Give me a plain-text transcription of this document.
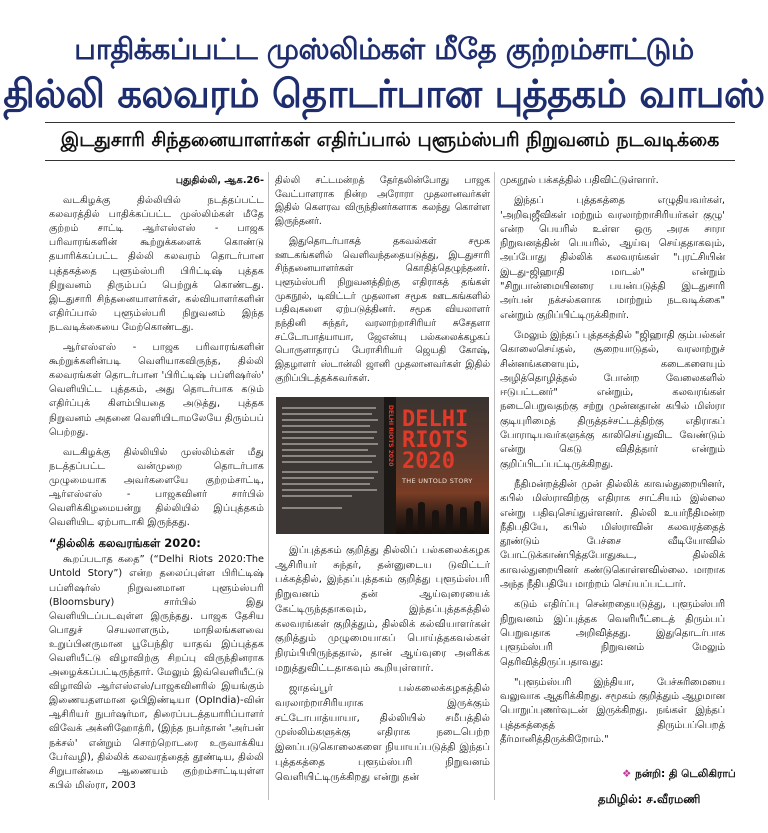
பாதிக்கப்பட்ட முஸ்லிம்கள் மீதே குற்றம்சாட்டும்
தில்லி கலவரம் தொடர்பான புத்தகம் வாபஸ்
இடதுசாரி சிந்தனையாளர்கள் எதிர்ப்பால் புளூம்ஸ்பரி நிறுவனம் நடவடிக்கை

புதுதில்லி, ஆக.26-

வடகிழக்கு தில்லியில் நடத்தப்பட்ட கலவரத்தில் பாதிக்கப்பட்ட முஸ்லிம்கள் மீதே குற்றம் சாட்டி ஆர்எஸ்எஸ் - பாஜக பரிவாரங்களின் கூற்றுக்களைக் கொண்டு தயாரிக்கப்பட்ட தில்லி கலவரம் தொடர்பான புத்தகத்தை புளூம்ஸ்பரி பிரிட்டிஷ் புத்தக நிறுவனம் திரும்பப் பெற்றுக் கொண்டது. இடதுசாரி சிந்தனையாளர்கள், கல்வியாளர்களின் எதிர்ப்பால் புளூம்ஸ்பரி நிறுவனம் இந்த நடவடிக்கையை மேற்கொண்டது.

ஆர்எஸ்எஸ் - பாஜக பரிவாரங்களின் கூற்றுக்களின்படி வெளியாகவிருந்த, தில்லி கலவரங்கள் தொடர்பான 'பிரிட்டிஷ் பப்ளிஷர்ஸ்' வெளியிட்ட புத்தகம், அது தொடர்பாக கடும் எதிர்ப்புக் கிளம்பியதை அடுத்து, புத்தக நிறுவனம் அதனை வெளியிடாமலேயே திரும்பப் பெற்றது.

வடகிழக்கு தில்லியில் முஸ்லிம்கள் மீது நடத்தப்பட்ட வன்முறை தொடர்பாக முழுமையாக அவர்களையே குற்றம்சாட்டி, ஆர்எஸ்எஸ் - பாஜகவினர் சார்பில் வெளிக்கிழமையன்று தில்லியில் இப்புத்தகம் வெளியிட ஏற்பாடாகி இருந்தது.

“தில்லிக் கலவரங்கள் 2020:

கூறப்படாத கதை” (“Delhi Riots 2020:The Untold Story”) என்ற தலைப்புள்ள பிரிட்டிஷ் பப்ளிஷர்ஸ் நிறுவனமான புளூம்ஸ்பரி (Bloomsbury) சார்பில் இது வெளியிடப்படவுள்ள இருந்தது. பாஜக தேசிய பொதுச் செயலாளரும், மாநிலங்களவை உறுப்பினருமான பூபேந்திர யாதவ் இப்புத்தக வெளியீட்டு விழாவிற்கு சிறப்பு விருந்தினராக அழைக்கப்பட்டிருந்தார். மேலும் இவ்வெளியீட்டு விழாவில் ஆர்எஸ்எஸ்/பாஜகவினரில் இயங்கும் இணையதளமான ஓபிஇண்டியா (OpIndia)-வின் ஆசிரியர் நுபர்ஷர்மா, திரைப்படத்தயாரிப்பாளர் விவேக் அக்னிஹோத்ரி, (இந்த நபர்தான் 'அர்பன் நக்சல்' என்றும் சொற்றொடரை உருவாக்கிய பேர்வழி), தில்லிக் கலவரத்தைத் தூண்டிய, தில்லி சிறுபான்மை ஆணையம் குற்றம்சாட்டியுள்ள கபில் மிஸ்ரா, 2003

தில்லி சட்டமன்றத் தேர்தலின்போது பாஜக வேட்பாளராக நின்ற அரோரா முதலானவர்கள் இதில் கௌரவ விருந்தினர்களாக கலந்து கொள்ள இருந்தனர்.

இதுதொடர்பாகத் தகவல்கள் சமூக ஊடகங்களில் வெளிவந்ததையடுத்து, இடதுசாரி சிந்தனையாளர்கள் கொதித்தெழுந்தனர். புளூம்ஸ்பரி நிறுவனத்திற்கு எதிராகத் தங்கள் முகநூல், டிவிட்டர் முதலான சமூக ஊடகங்களில் பதிவுகளை ஏற்படுத்தினர். சமூக வியலாளர் நந்தினி சுந்தர், வரலாற்றாசிரியர் சுசேதளா சட்டோபாத்யாயா, ஜேஎன்யு பல்கலைக்கழகப் பொருளாதாரப் பேராசிரியர் ஜெயதி கோஷ், இதழாளர் ஸ்டான்லி ஜானி முதலானவர்கள் இதில் குறிப்பிடத்தக்கவர்கள்.

DELHI RIOTS 2020 DELHI RIOTS 2020
THE UNTOLD STORY

இப்புத்தகம் குறித்து தில்லிப் பல்கலைக்கழக ஆசிரியர் சுந்தர், தன்னுடைய டுவிட்டர் பக்கத்தில், இந்தப்புத்தகம் குறித்து புளூம்ஸ்பரி நிறுவனம் தன் ஆய்வுரையைக் கேட்டிருந்ததாகவும், இந்தப்புத்தகத்தில் கலவரங்கள் குறித்தும், தில்லிக் கல்வியாளர்கள் குறித்தும் முழுமையாகப் பொய்த்தகவல்கள் நிரம்பியிருந்ததால், தான் ஆய்வுரை அளிக்க மறுத்துவிட்டதாகவும் கூறியுள்ளார்.

ஜாதவ்பூர் பல்கலைக்கழகத்தில் வரலாற்றாசிரியராக இருக்கும் சட்டோபாத்யாயா, தில்லியில் சமீபத்தில் முஸ்லிம்களுக்கு எதிராக நடைபெற்ற இனப்படுகொலைகளை நியாயப்படுத்தி இந்தப் புத்தகத்தை புளூம்ஸ்பரி நிறுவனம் வெளியிட்டிருக்கிறது என்று தன்

முகநூல் பக்கத்தில் பதிவிட்டுள்ளார்.

இந்தப் புத்தகத்தை எழுதியவர்கள், 'அறிவுஜீவிகள் மற்றும் வரலாற்றாசிரியர்கள் குழு' என்ற பெயரில் உள்ள ஒரு அரசு சாரா நிறுவனத்தின் பெயரில், ஆய்வு செய்ததாகவும், அப்போது தில்லிக் கலவரங்கள் "புரட்சியின் இடது-ஜிஹாதி மாடல்" என்றும் "சிறுபான்மையினரை பயன்படுத்தி இடதுசாரி அர்பன் நக்சல்களாக மாற்றும் நடவடிக்கை" என்றும் குறிப்பிட்டிருக்கிறார்.

மேலும் இந்தப் புத்தகத்தில் "ஜிஹாதி கும்பல்கள் கொலைசெய்தல், சூறையாடுதல், வரலாற்றுச் சின்னங்களையும், கடைகளையும் அழித்தொழித்தல் போன்ற வேலைகளில் ஈடுபட்டனர்" என்றும், கலவரங்கள் நடைபெறுவதற்கு சற்று முன்னதான் கபில் மிஸ்ரா குடியுரிமைத் திருத்தச்சட்டத்திற்கு எதிராகப் போராடியவர்களுக்கு காலிசெய்துவிட வேண்டும் என்று கெடு விதித்தார் என்றும் குறிப்பிடப்பட்டிருக்கிறது.

நீதிமன்றத்தின் முன் தில்லிக் காவல்துறையினர், கபில் மிஸ்ராவிற்கு எதிராக சாட்சியம் இல்லை என்று பதிவுசெய்துள்ளனர். தில்லி உயர்நீதிமன்ற நீதிபதியே, கபில் மிஸ்ராவின் கலவரத்தைத் தூண்டும் பேச்சை வீடியோவில் போட்டுக்காண்பித்தபோதுகூட, தில்லிக் காவல்துறையினர் கண்டுகொள்ளவில்லை. மாறாக அந்த நீதிபதியே மாற்றம் செய்யப்பட்டார்.

கடும் எதிர்ப்பு சென்றதையடுத்து, புளூம்ஸ்பரி நிறுவனம் இப்புத்தக வெளியீட்டைத் திரும்பப் பெறுவதாக அறிவித்தது. இதுதொடர்பாக புளூம்ஸ்பரி நிறுவனம் மேலும் தெரிவித்திருப்பதாவது:

"புளூம்ஸ்பரி இந்தியா, பேச்சுரிமையை வலுவாக ஆதரிக்கிறது. சமூகம் குறித்தும் ஆழமான பொறுப்புணர்வுடன் இருக்கிறது. நங்கள் இந்தப் புத்தகத்தைத் திரும்பப்பெறத் தீர்மானித்திருக்கிறோம்."

❖ நன்றி: தி டெலிகிராப்
தமிழில்: ச.வீரமணி
